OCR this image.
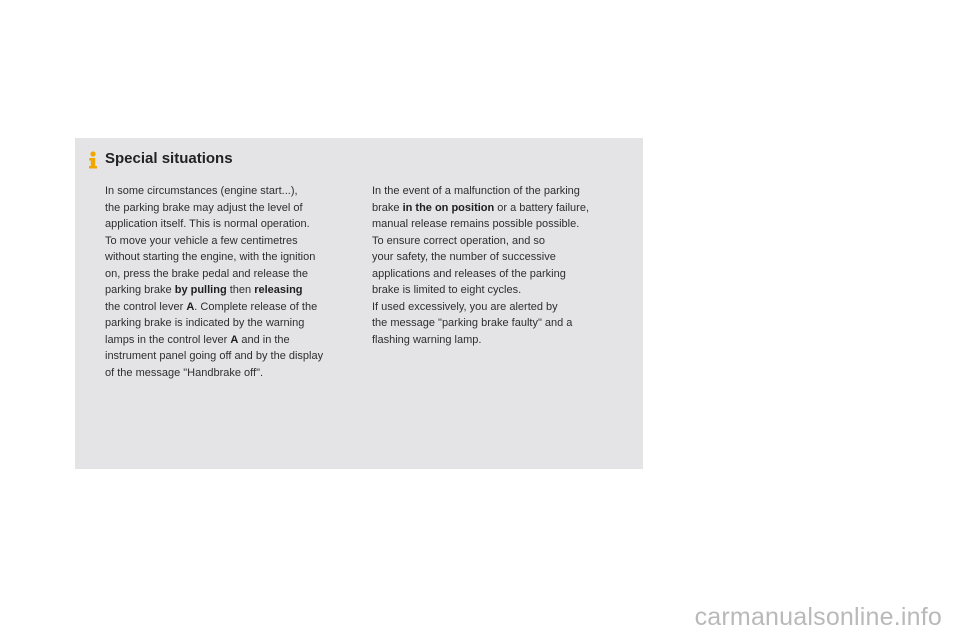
Special situations
In some circumstances (engine start...),
the parking brake may adjust the level of
application itself. This is normal operation.
To move your vehicle a few centimetres
without starting the engine, with the ignition
on, press the brake pedal and release the
parking brake by pulling then releasing
the control lever A. Complete release of the
parking brake is indicated by the warning
lamps in the control lever A and in the
instrument panel going off and by the display
of the message "Handbrake off".
In the event of a malfunction of the parking
brake in the on position or a battery failure,
manual release remains possible possible.
To ensure correct operation, and so
your safety, the number of successive
applications and releases of the parking
brake is limited to eight cycles.
If used excessively, you are alerted by
the message "parking brake faulty" and a
flashing warning lamp.
carmanualsonline.info
